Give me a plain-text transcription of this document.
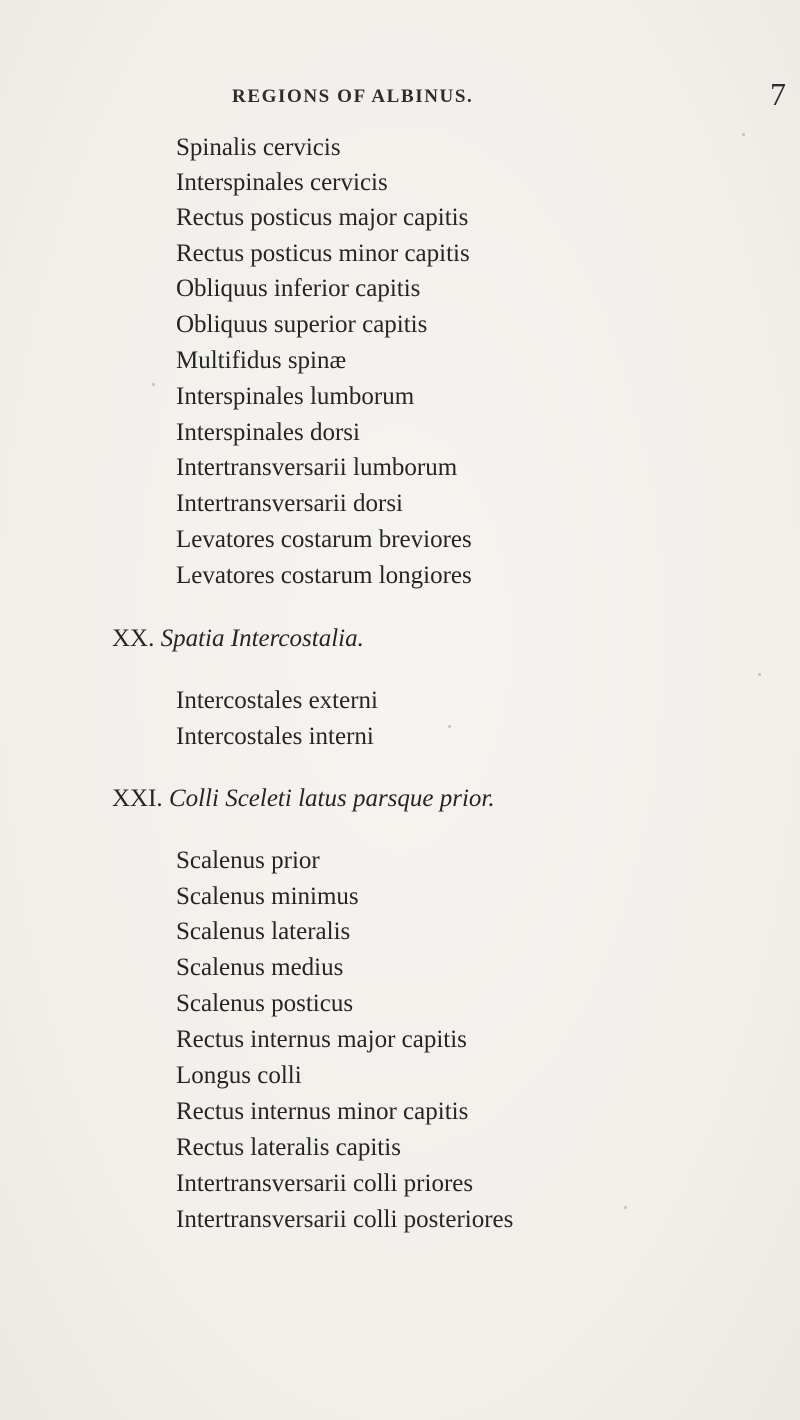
REGIONS OF ALBINUS.	7
Spinalis cervicis
Interspinales cervicis
Rectus posticus major capitis
Rectus posticus minor capitis
Obliquus inferior capitis
Obliquus superior capitis
Multifidus spinæ
Interspinales lumborum
Interspinales dorsi
Intertransversarii lumborum
Intertransversarii dorsi
Levatores costarum breviores
Levatores costarum longiores
XX. Spatia Intercostalia.
Intercostales externi
Intercostales interni
XXI. Colli Sceleti latus parsque prior.
Scalenus prior
Scalenus minimus
Scalenus lateralis
Scalenus medius
Scalenus posticus
Rectus internus major capitis
Longus colli
Rectus internus minor capitis
Rectus lateralis capitis
Intertransversarii colli priores
Intertransversarii colli posteriores
